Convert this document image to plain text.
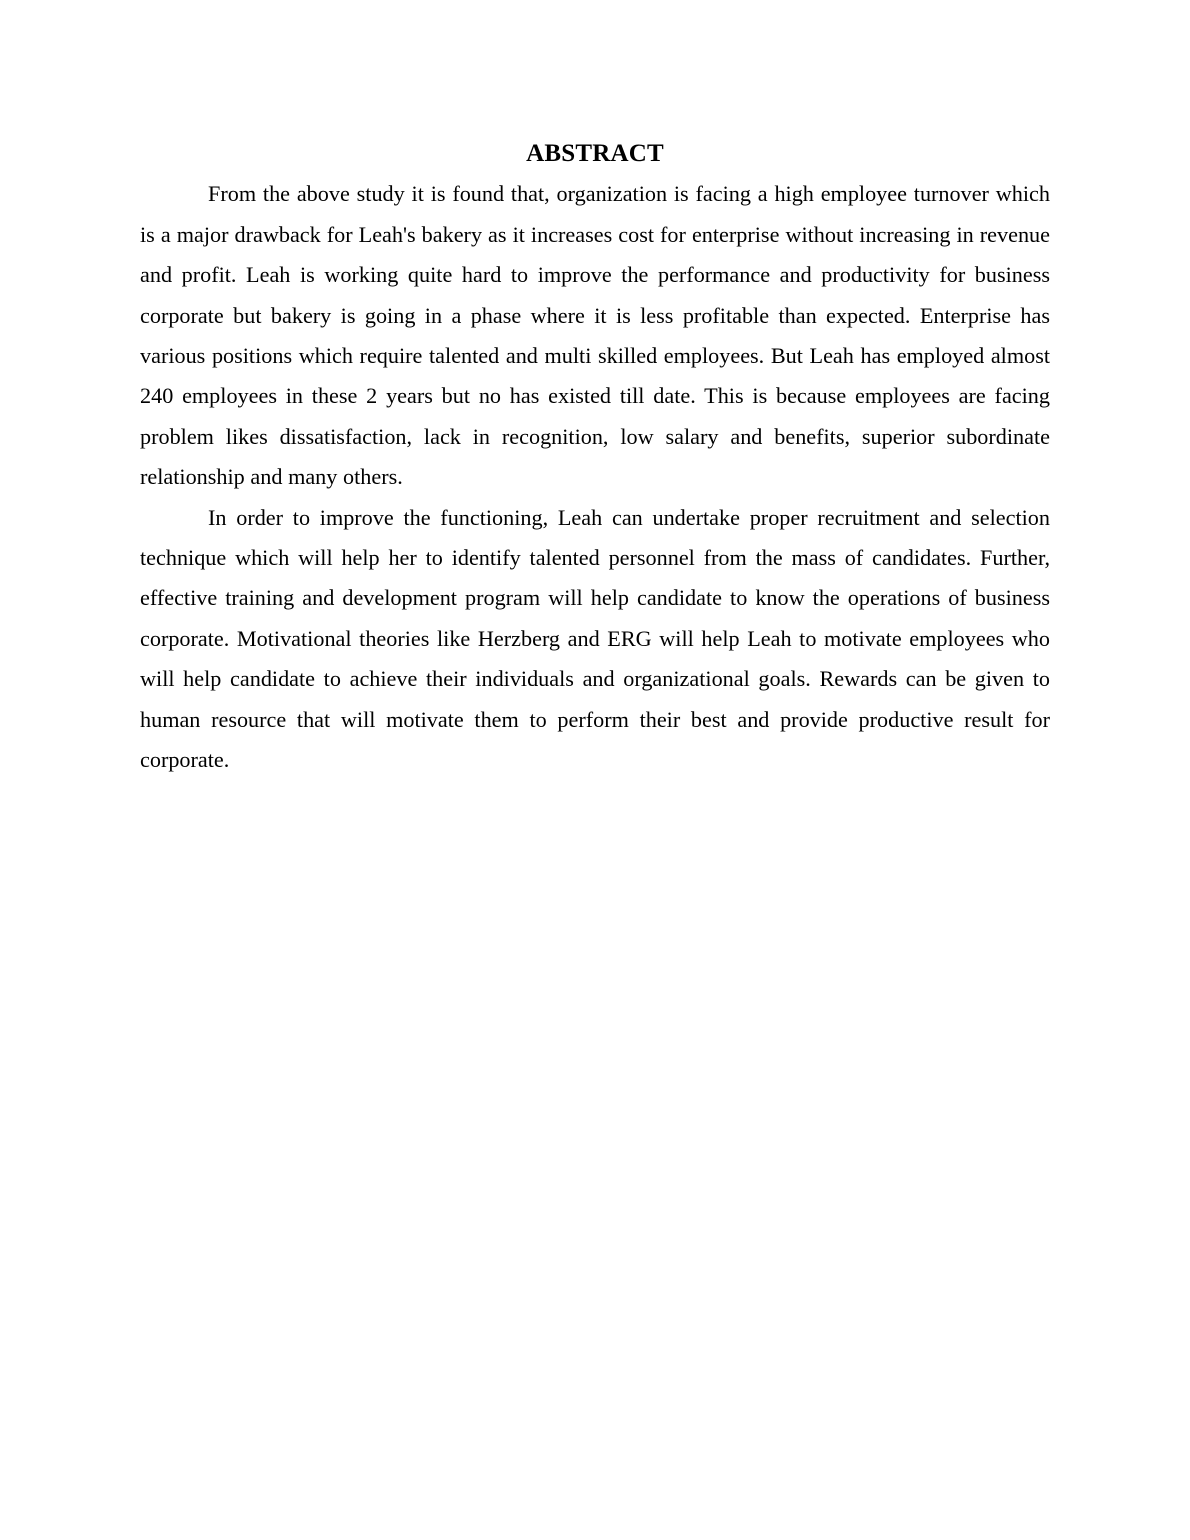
ABSTRACT

From the above study it is found that, organization is facing a high employee turnover which is a major drawback for Leah's bakery as it increases cost for enterprise without increasing in revenue and profit. Leah is working quite hard to improve the performance and productivity for business corporate but bakery is going in a phase where it is less profitable than expected. Enterprise has various positions which require talented and multi skilled employees. But Leah has employed almost 240 employees in these 2 years but no has existed till date. This is because employees are facing problem likes dissatisfaction, lack in recognition, low salary and benefits, superior subordinate relationship and many others.

In order to improve the functioning, Leah can undertake proper recruitment and selection technique which will help her to identify talented personnel from the mass of candidates. Further, effective training and development program will help candidate to know the operations of business corporate. Motivational theories like Herzberg and ERG will help Leah to motivate employees who will help candidate to achieve their individuals and organizational goals. Rewards can be given to human resource that will motivate them to perform their best and provide productive result for corporate.
